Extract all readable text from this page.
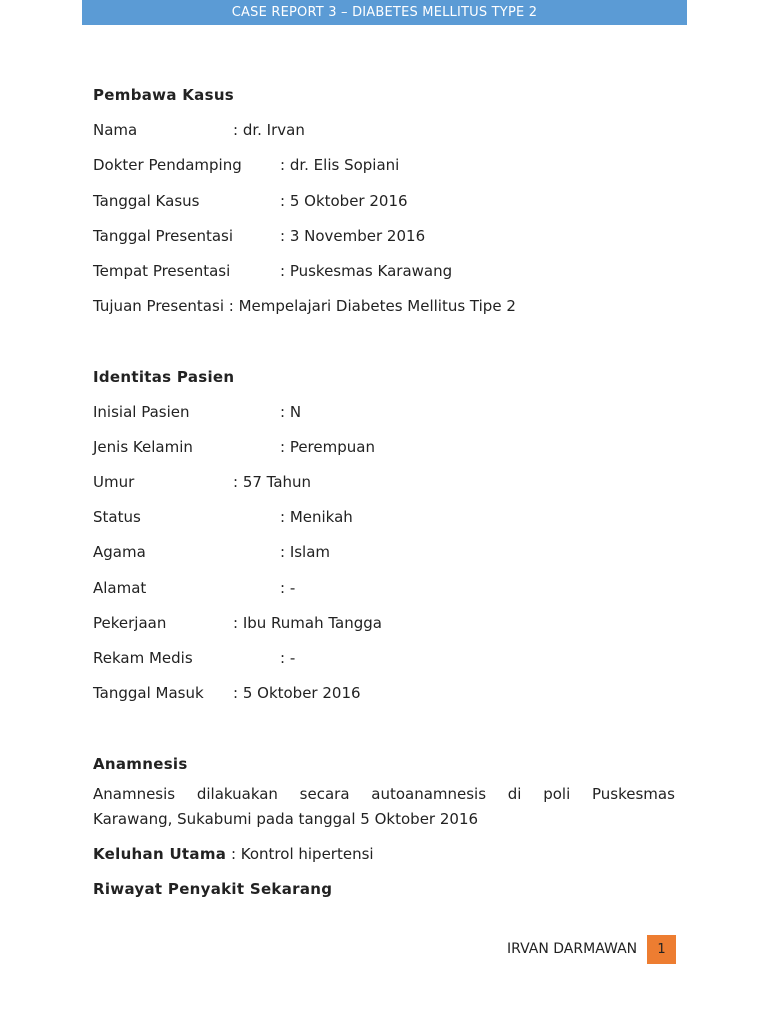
CASE REPORT 3 – DIABETES MELLITUS TYPE 2
Pembawa Kasus
Nama	: dr. Irvan
Dokter Pendamping	: dr. Elis Sopiani
Tanggal Kasus	: 5 Oktober 2016
Tanggal Presentasi	: 3 November 2016
Tempat Presentasi	: Puskesmas Karawang
Tujuan Presentasi : Mempelajari Diabetes Mellitus Tipe 2
Identitas Pasien
Inisial Pasien	: N
Jenis Kelamin	: Perempuan
Umur	: 57 Tahun
Status	: Menikah
Agama	: Islam
Alamat	: -
Pekerjaan	: Ibu Rumah Tangga
Rekam Medis	: -
Tanggal Masuk : 5 Oktober 2016
Anamnesis
Anamnesis dilakuakan secara autoanamnesis di poli Puskesmas
Karawang, Sukabumi pada tanggal 5 Oktober 2016
Keluhan Utama : Kontrol hipertensi
Riwayat Penyakit Sekarang
IRVAN DARMAWAN	1
